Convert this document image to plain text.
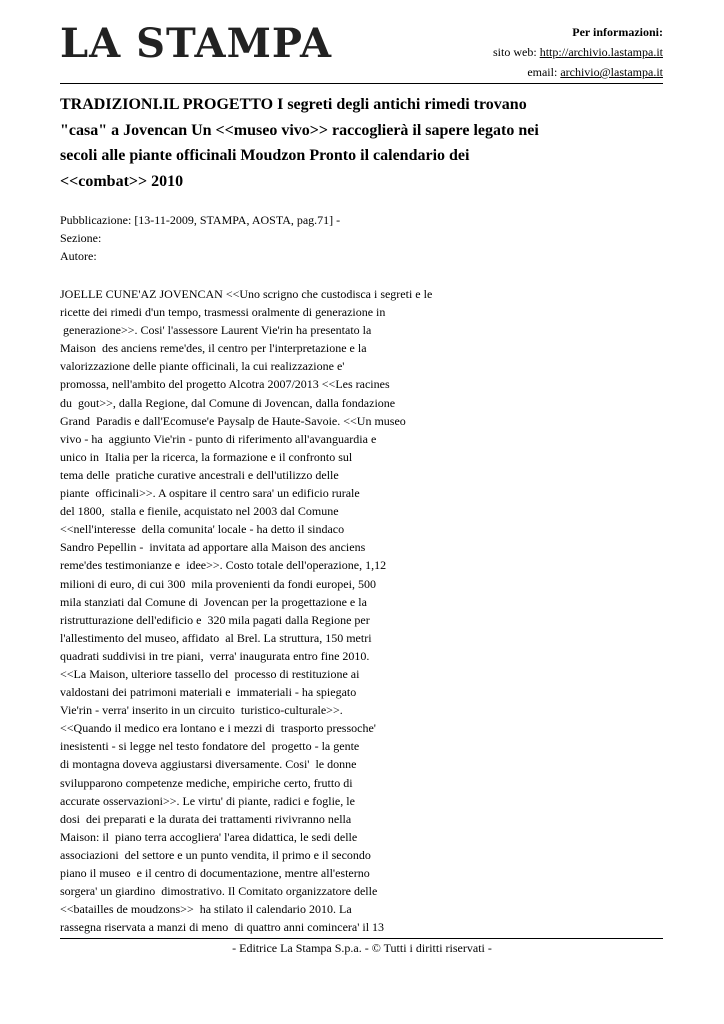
LA STAMPA	Per informazioni:
sito web: http://archivio.lastampa.it
email: archivio@lastampa.it
TRADIZIONI.IL PROGETTO I segreti degli antichi rimedi trovano "casa" a Jovencan Un <<museo vivo>> raccoglierà il sapere legato nei secoli alle piante officinali Moudzon Pronto il calendario dei <<combat>> 2010
Pubblicazione: [13-11-2009, STAMPA, AOSTA, pag.71] -
Sezione:
Autore:
JOELLE CUNE'AZ JOVENCAN <<Uno scrigno che custodisca i segreti e le
ricette dei rimedi d'un tempo, trasmessi oralmente di generazione in
generazione>>. Cosi' l'assessore Laurent Vie'rin ha presentato la
Maison  des anciens reme'des, il centro per l'interpretazione e la
valorizzazione delle piante officinali, la cui realizzazione e'
promossa, nell'ambito del progetto Alcotra 2007/2013 <<Les racines
du  gout>>, dalla Regione, dal Comune di Jovencan, dalla fondazione
Grand  Paradis e dall'Ecomuse'e Paysalp de Haute-Savoie. <<Un museo
vivo - ha  aggiunto Vie'rin - punto di riferimento all'avanguardia e
unico in  Italia per la ricerca, la formazione e il confronto sul
tema delle  pratiche curative ancestrali e dell'utilizzo delle
piante  officinali>>. A ospitare il centro sara' un edificio rurale
del 1800,  stalla e fienile, acquistato nel 2003 dal Comune
<<nell'interesse  della comunita' locale - ha detto il sindaco
Sandro Pepellin -  invitata ad apportare alla Maison des anciens
reme'des testimonianze e  idee>>. Costo totale dell'operazione, 1,12
milioni di euro, di cui 300  mila provenienti da fondi europei, 500
mila stanziati dal Comune di  Jovencan per la progettazione e la
ristrutturazione dell'edificio e  320 mila pagati dalla Regione per
l'allestimento del museo, affidato  al Brel. La struttura, 150 metri
quadrati suddivisi in tre piani,  verra' inaugurata entro fine 2010.
<<La Maison, ulteriore tassello del  processo di restituzione ai
valdostani dei patrimoni materiali e  immateriali - ha spiegato
Vie'rin - verra' inserito in un circuito  turistico-culturale>>.
<<Quando il medico era lontano e i mezzi di  trasporto pressoche'
inesistenti - si legge nel testo fondatore del  progetto - la gente
di montagna doveva aggiustarsi diversamente. Cosi'  le donne
svilupparono competenze mediche, empiriche certo, frutto di
accurate osservazioni>>. Le virtu' di piante, radici e foglie, le
dosi  dei preparati e la durata dei trattamenti rivivranno nella
Maison: il  piano terra accogliera' l'area didattica, le sedi delle
associazioni  del settore e un punto vendita, il primo e il secondo
piano il museo  e il centro di documentazione, mentre all'esterno
sorgera' un giardino  dimostrativo. Il Comitato organizzatore delle
<<batailles de moudzons>>  ha stilato il calendario 2010. La
rassegna riservata a manzi di meno  di quattro anni comincera' il 13
- Editrice La Stampa S.p.a. - © Tutti i diritti riservati -
